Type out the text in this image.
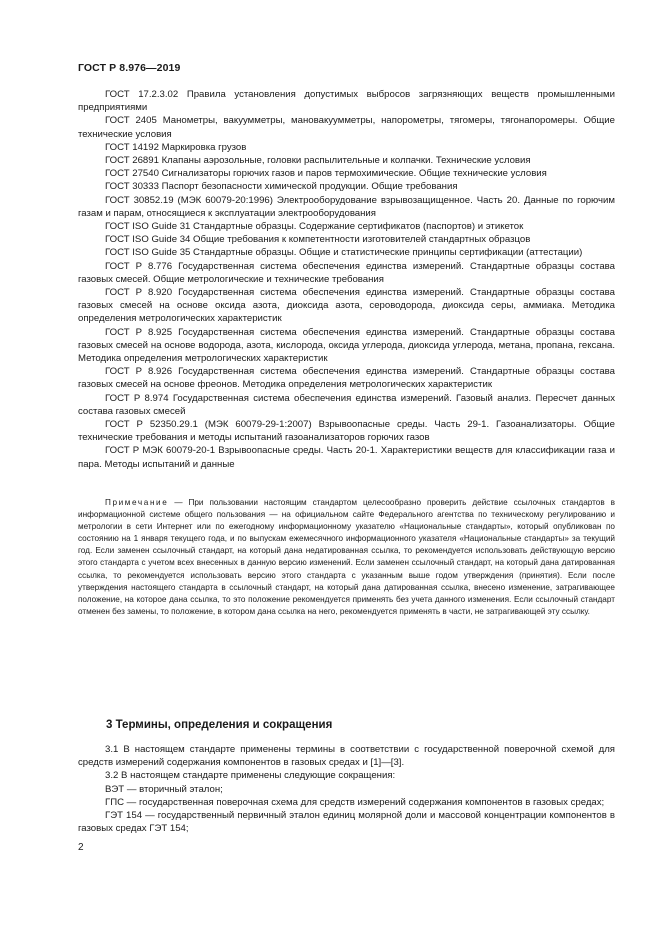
ГОСТ Р 8.976—2019

ГОСТ 17.2.3.02 Правила установления допустимых выбросов загрязняющих веществ промышленными предприятиями

ГОСТ 2405 Манометры, вакуумметры, мановакуумметры, напорометры, тягомеры, тягонапоромеры. Общие технические условия

ГОСТ 14192 Маркировка грузов

ГОСТ 26891 Клапаны аэрозольные, головки распылительные и колпачки. Технические условия

ГОСТ 27540 Сигнализаторы горючих газов и паров термохимические. Общие технические условия

ГОСТ 30333 Паспорт безопасности химической продукции. Общие требования

ГОСТ 30852.19 (МЭК 60079-20:1996) Электрооборудование взрывозащищенное. Часть 20. Данные по горючим газам и парам, относящиеся к эксплуатации электрооборудования

ГОСТ ISO Guide 31 Стандартные образцы. Содержание сертификатов (паспортов) и этикеток

ГОСТ ISO Guide 34 Общие требования к компетентности изготовителей стандартных образцов

ГОСТ ISO Guide 35 Стандартные образцы. Общие и статистические принципы сертификации (аттестации)

ГОСТ Р 8.776 Государственная система обеспечения единства измерений. Стандартные образцы состава газовых смесей. Общие метрологические и технические требования

ГОСТ Р 8.920 Государственная система обеспечения единства измерений. Стандартные образцы состава газовых смесей на основе оксида азота, диоксида азота, сероводорода, диоксида серы, аммиака. Методика определения метрологических характеристик

ГОСТ Р 8.925 Государственная система обеспечения единства измерений. Стандартные образцы состава газовых смесей на основе водорода, азота, кислорода, оксида углерода, диоксида углерода, метана, пропана, гексана. Методика определения метрологических характеристик

ГОСТ Р 8.926 Государственная система обеспечения единства измерений. Стандартные образцы состава газовых смесей на основе фреонов. Методика определения метрологических характеристик

ГОСТ Р 8.974 Государственная система обеспечения единства измерений. Газовый анализ. Пересчет данных состава газовых смесей

ГОСТ Р 52350.29.1 (МЭК 60079-29-1:2007) Взрывоопасные среды. Часть 29-1. Газоанализаторы. Общие технические требования и методы испытаний газоанализаторов горючих газов

ГОСТ Р МЭК 60079-20-1 Взрывоопасные среды. Часть 20-1. Характеристики веществ для классификации газа и пара. Методы испытаний и данные

Примечание — При пользовании настоящим стандартом целесообразно проверить действие ссылочных стандартов в информационной системе общего пользования — на официальном сайте Федерального агентства по техническому регулированию и метрологии в сети Интернет или по ежегодному информационному указателю «Национальные стандарты», который опубликован по состоянию на 1 января текущего года, и по выпускам ежемесячного информационного указателя «Национальные стандарты» за текущий год. Если заменен ссылочный стандарт, на который дана недатированная ссылка, то рекомендуется использовать действующую версию этого стандарта с учетом всех внесенных в данную версию изменений. Если заменен ссылочный стандарт, на который дана датированная ссылка, то рекомендуется использовать версию этого стандарта с указанным выше годом утверждения (принятия). Если после утверждения настоящего стандарта в ссылочный стандарт, на который дана датированная ссылка, внесено изменение, затрагивающее положение, на которое дана ссылка, то это положение рекомендуется применять без учета данного изменения. Если ссылочный стандарт отменен без замены, то положение, в котором дана ссылка на него, рекомендуется применять в части, не затрагивающей эту ссылку.

3 Термины, определения и сокращения

3.1 В настоящем стандарте применены термины в соответствии с государственной поверочной схемой для средств измерений содержания компонентов в газовых средах и [1]—[3].

3.2 В настоящем стандарте применены следующие сокращения:

ВЭТ — вторичный эталон;

ГПС — государственная поверочная схема для средств измерений содержания компонентов в газовых средах;

ГЭТ 154 — государственный первичный эталон единиц молярной доли и массовой концентрации компонентов в газовых средах ГЭТ 154;

2
